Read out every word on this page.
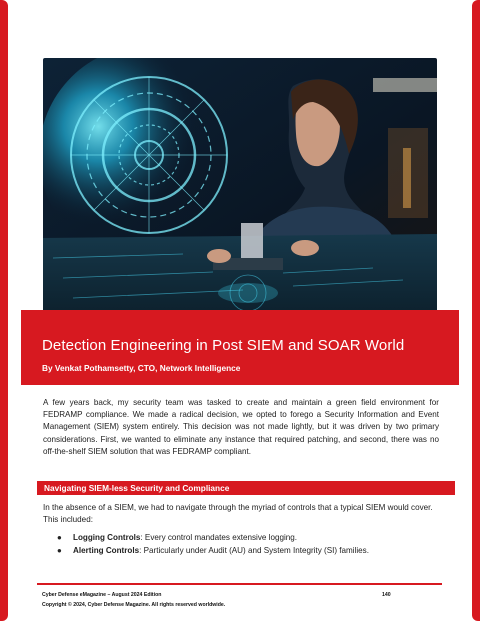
Detection Engineering in Post SIEM and SOAR World
By Venkat Pothamsetty, CTO, Network Intelligence
A few years back, my security team was tasked to create and maintain a green field environment for FEDRAMP compliance. We made a radical decision, we opted to forego a Security Information and Event Management (SIEM) system entirely. This decision was not made lightly, but it was driven by two primary considerations. First, we wanted to eliminate any instance that required patching, and second, there was no off-the-shelf SIEM solution that was FEDRAMP compliant.
Navigating SIEM-less Security and Compliance
In the absence of a SIEM, we had to navigate through the myriad of controls that a typical SIEM would cover. This included:
● Logging Controls: Every control mandates extensive logging.
● Alerting Controls: Particularly under Audit (AU) and System Integrity (SI) families.
Cyber Defense eMagazine – August 2024 Edition	140
Copyright © 2024, Cyber Defense Magazine. All rights reserved worldwide.
